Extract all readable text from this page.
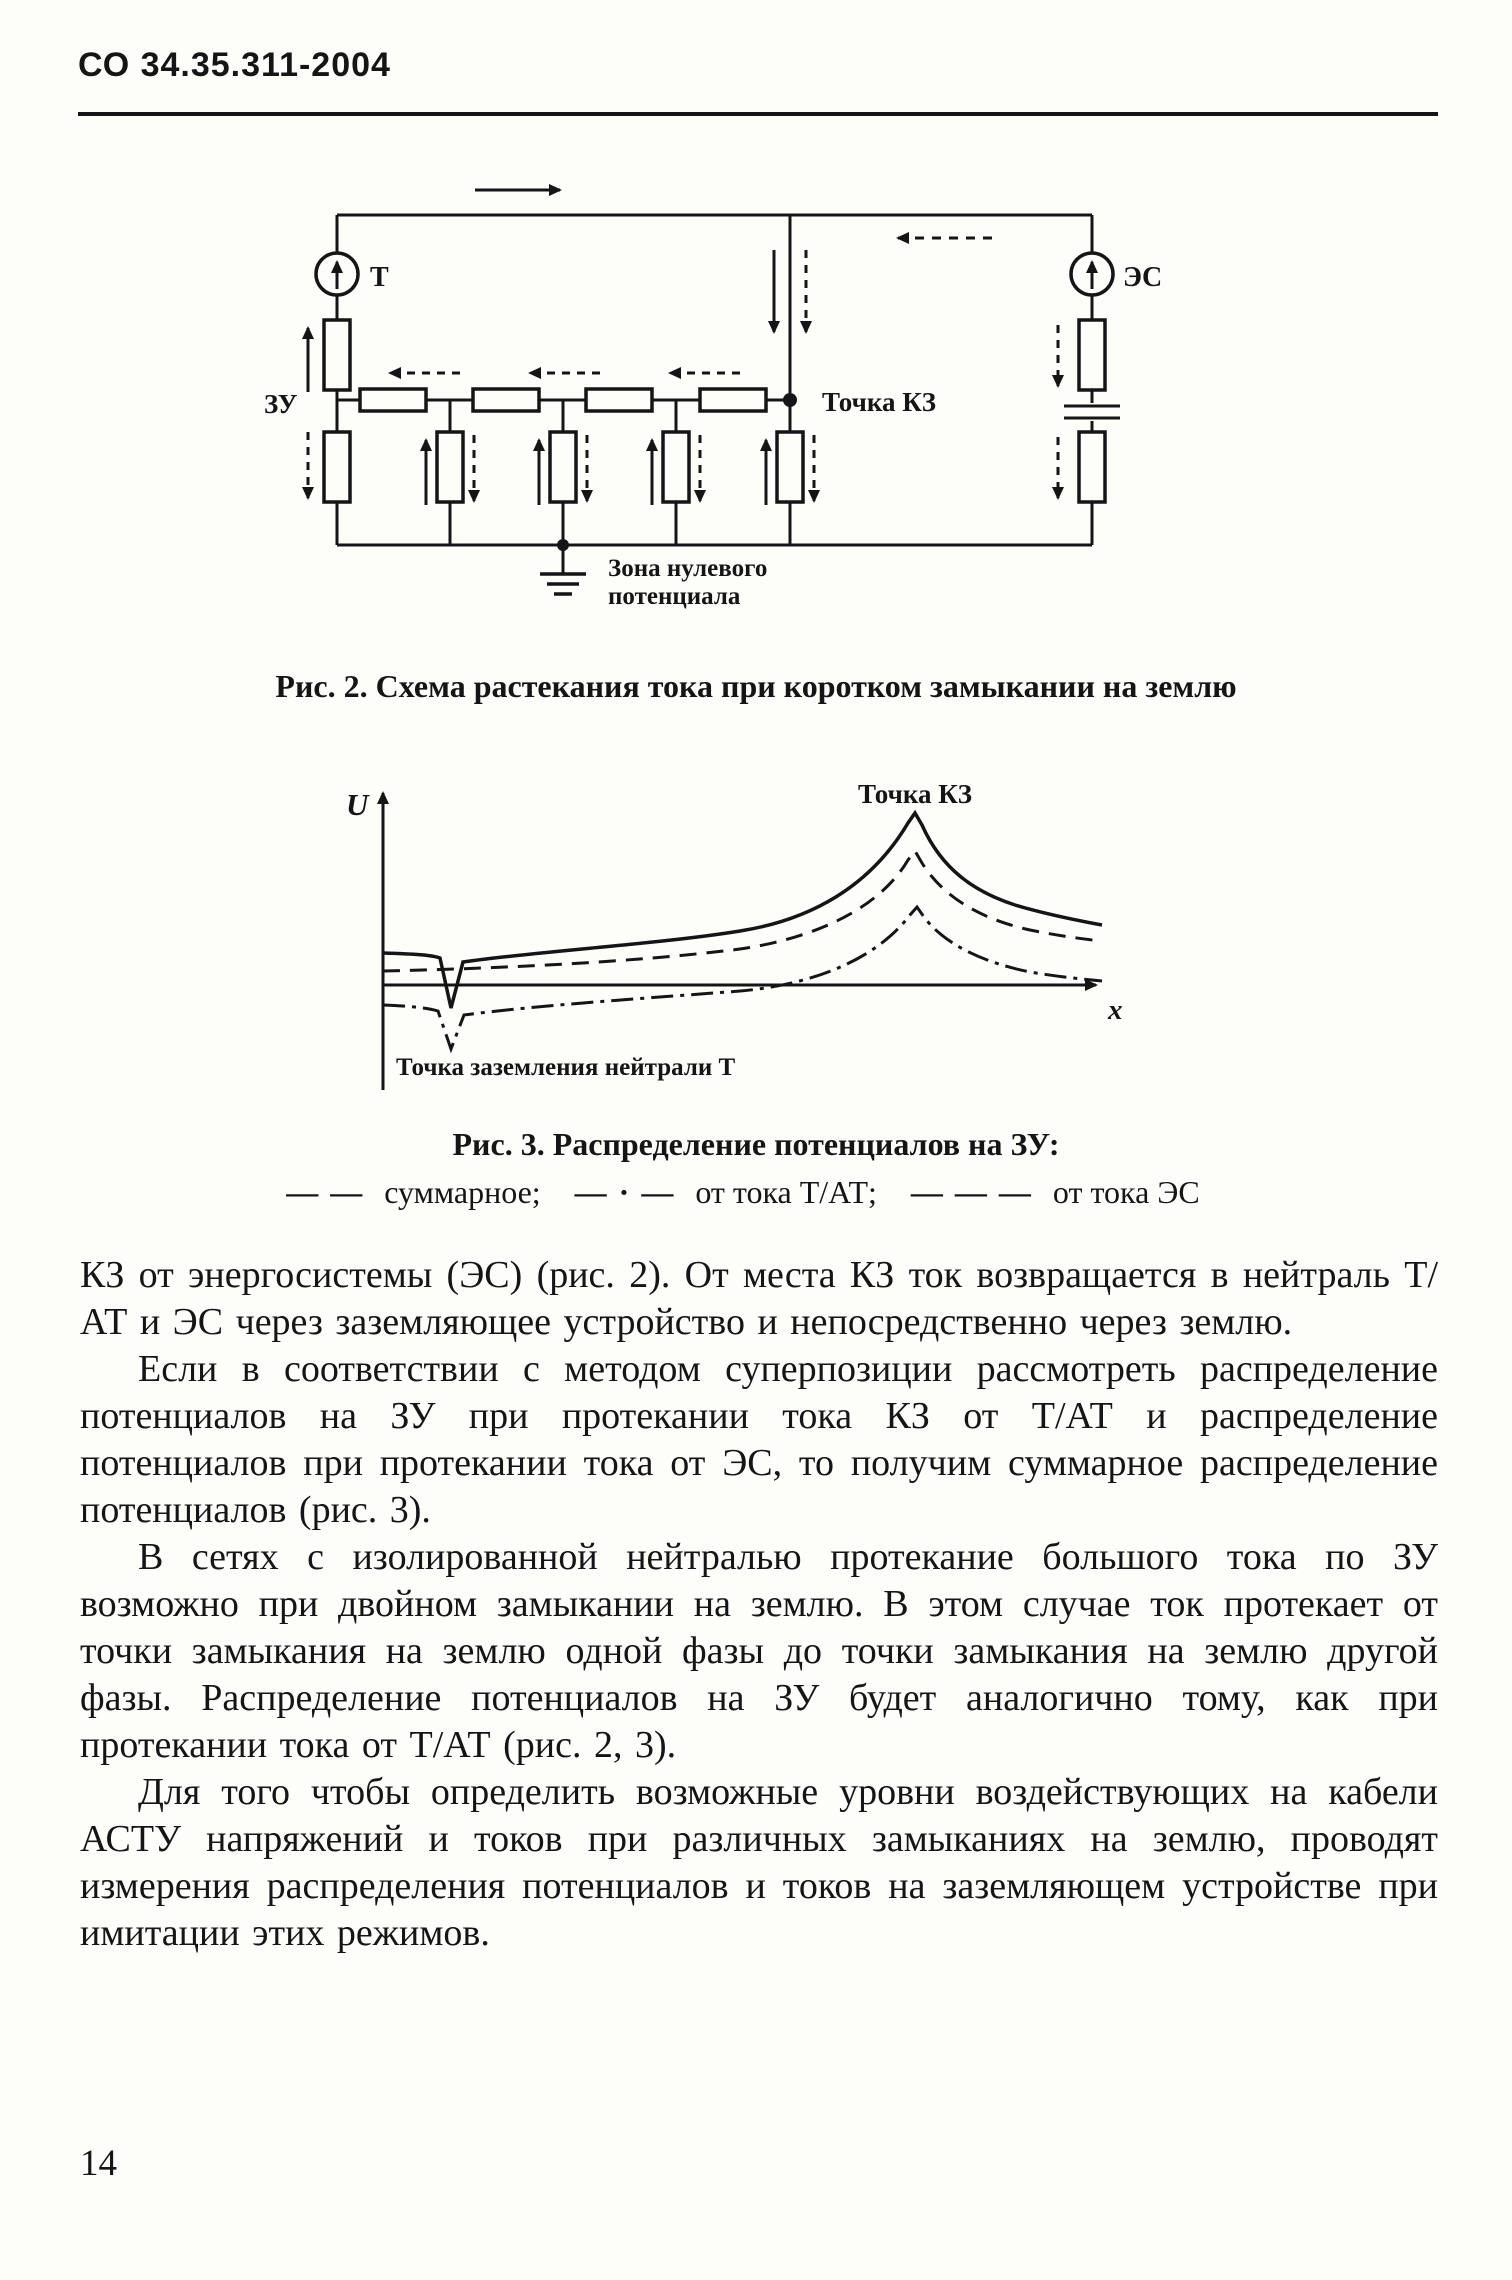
СО 34.35.311-2004
Т	ЭС
ЗУ	Точка КЗ
Зона нулевого
потенциала
Рис. 2. Схема растекания тока при коротком замыкании на землю
U
x
Точка КЗ
Точка заземления нейтрали Т
Рис. 3. Распределение потенциалов на ЗУ:
— — суммарное; — · — от тока Т/АТ; — — — от тока ЭС

КЗ от энергосистемы (ЭС) (рис. 2). От места КЗ ток возвращается в нейтраль Т/АТ и ЭС через заземляющее устройство и непосредственно через землю.

Если в соответствии с методом суперпозиции рассмотреть распределение потенциалов на ЗУ при протекании тока КЗ от Т/АТ и распределение потенциалов при протекании тока от ЭС, то получим суммарное распределение потенциалов (рис. 3).

В сетях с изолированной нейтралью протекание большого тока по ЗУ возможно при двойном замыкании на землю. В этом случае ток протекает от точки замыкания на землю одной фазы до точки замыкания на землю другой фазы. Распределение потенциалов на ЗУ будет аналогично тому, как при протекании тока от Т/АТ (рис. 2, 3).

Для того чтобы определить возможные уровни воздействующих на кабели АСТУ напряжений и токов при различных замыканиях на землю, проводят измерения распределения потенциалов и токов на заземляющем устройстве при имитации этих режимов.

14
